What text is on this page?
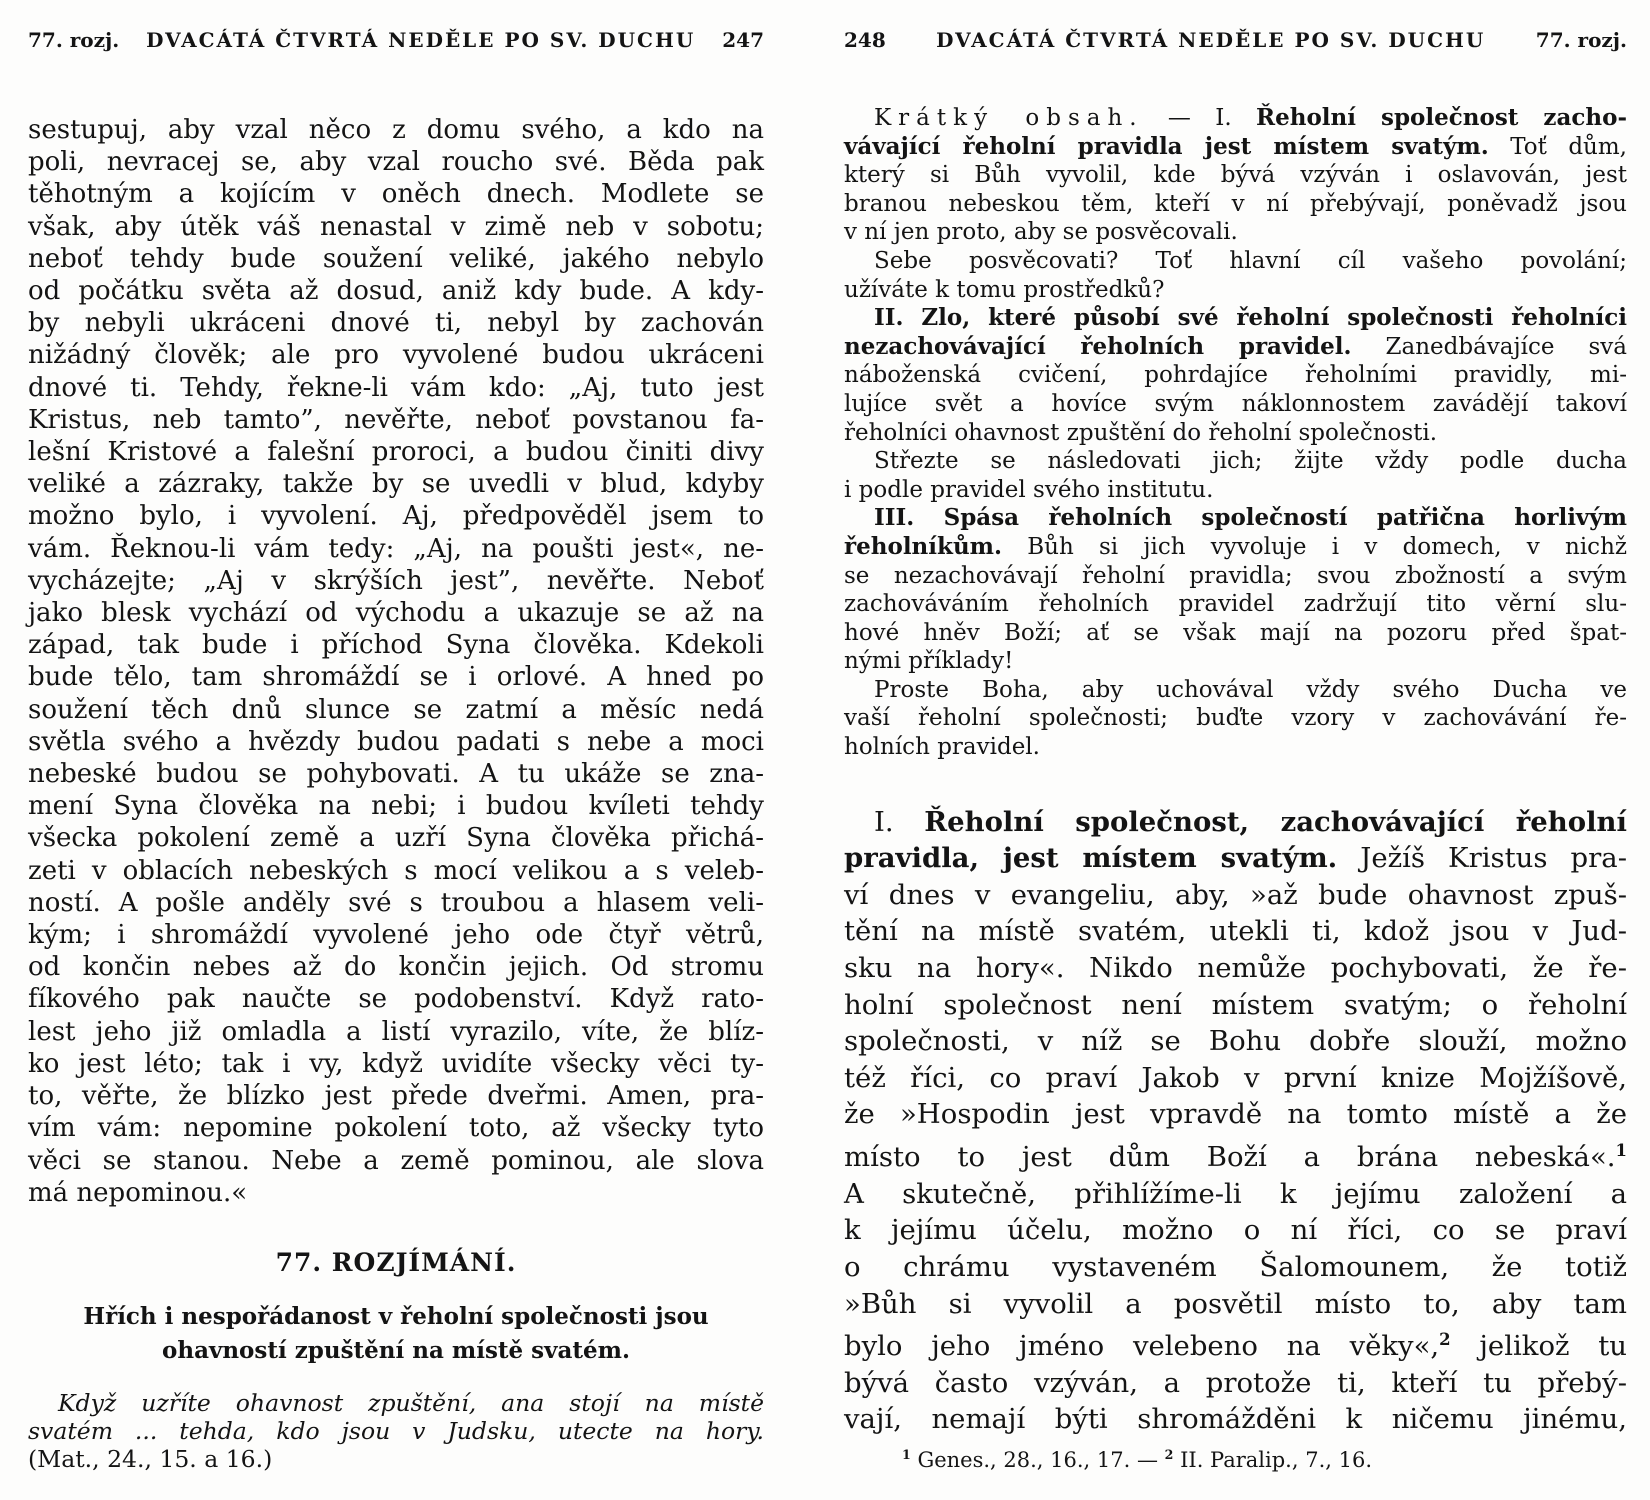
77. rozj.	DVACÁTÁ ČTVRTÁ NEDĚLE PO SV. DUCHU	247
sestupuj, aby vzal něco z domu svého, a kdo na
poli, nevracej se, aby vzal roucho své. Běda pak
těhotným a kojícím v oněch dnech. Modlete se
však, aby útěk váš nenastal v zimě neb v sobotu;
neboť tehdy bude soužení veliké, jakého nebylo
od počátku světa až dosud, aniž kdy bude. A kdy-
by nebyli ukráceni dnové ti, nebyl by zachován
nižádný člověk; ale pro vyvolené budou ukráceni
dnové ti. Tehdy, řekne-li vám kdo: „Aj, tuto jest
Kristus, neb tamto”, nevěřte, neboť povstanou fa-
lešní Kristové a falešní proroci, a budou činiti divy
veliké a zázraky, takže by se uvedli v blud, kdyby
možno bylo, i vyvolení. Aj, předpověděl jsem to
vám. Řeknou-li vám tedy: „Aj, na poušti jest«, ne-
vycházejte; „Aj v skrýších jest”, nevěřte. Neboť
jako blesk vychází od východu a ukazuje se až na
západ, tak bude i příchod Syna člověka. Kdekoli
bude tělo, tam shromáždí se i orlové. A hned po
soužení těch dnů slunce se zatmí a měsíc nedá
světla svého a hvězdy budou padati s nebe a moci
nebeské budou se pohybovati. A tu ukáže se zna-
mení Syna člověka na nebi; i budou kvíleti tehdy
všecka pokolení země a uzří Syna člověka přichá-
zeti v oblacích nebeských s mocí velikou a s veleb-
ností. A pošle anděly své s troubou a hlasem veli-
kým; i shromáždí vyvolené jeho ode čtyř větrů,
od končin nebes až do končin jejich. Od stromu
fíkového pak naučte se podobenství. Když rato-
lest jeho již omladla a listí vyrazilo, víte, že blíz-
ko jest léto; tak i vy, když uvidíte všecky věci ty-
to, věřte, že blízko jest přede dveřmi. Amen, pra-
vím vám: nepomine pokolení toto, až všecky tyto
věci se stanou. Nebe a země pominou, ale slova
má nepominou.«
77. ROZJÍMÁNÍ.
Hřích i nespořádanost v řeholní společnosti jsou
ohavností zpuštění na místě svatém.
Když uzříte ohavnost zpuštění, ana stojí na místě
svatém ... tehda, kdo jsou v Judsku, utecte na hory.
(Mat., 24., 15. a 16.)
248	DVACÁTÁ ČTVRTÁ NEDĚLE PO SV. DUCHU	77. rozj.
Krátký obsah. — I. Řeholní společnost zacho-
vávající řeholní pravidla jest místem svatým. Toť dům,
který si Bůh vyvolil, kde bývá vzýván i oslavován, jest
branou nebeskou těm, kteří v ní přebývají, poněvadž jsou
v ní jen proto, aby se posvěcovali.
Sebe posvěcovati? Toť hlavní cíl vašeho povolání;
užíváte k tomu prostředků?
II. Zlo, které působí své řeholní společnosti řeholníci
nezachovávající řeholních pravidel. Zanedbávajíce svá
náboženská cvičení, pohrdajíce řeholními pravidly, mi-
lujíce svět a hovíce svým náklonnostem zavádějí takoví
řeholníci ohavnost zpuštění do řeholní společnosti.
Střezte se následovati jich; žijte vždy podle ducha
i podle pravidel svého institutu.
III. Spása řeholních společností patřična horlivým
řeholníkům. Bůh si jich vyvoluje i v domech, v nichž
se nezachovávají řeholní pravidla; svou zbožností a svým
zachováváním řeholních pravidel zadržují tito věrní slu-
hové hněv Boží; ať se však mají na pozoru před špat-
nými příklady!
Proste Boha, aby uchovával vždy svého Ducha ve
vaší řeholní společnosti; buďte vzory v zachovávání ře-
holních pravidel.
I. Řeholní společnost, zachovávající řeholní
pravidla, jest místem svatým. Ježíš Kristus pra-
ví dnes v evangeliu, aby, »až bude ohavnost zpuš-
tění na místě svatém, utekli ti, kdož jsou v Jud-
sku na hory«. Nikdo nemůže pochybovati, že ře-
holní společnost není místem svatým; o řeholní
společnosti, v níž se Bohu dobře slouží, možno
též říci, co praví Jakob v první knize Mojžíšově,
že »Hospodin jest vpravdě na tomto místě a že
místo to jest dům Boží a brána nebeská«.$^1$
A skutečně, přihlížíme-li k jejímu založení a
k jejímu účelu, možno o ní říci, co se praví
o chrámu vystaveném Šalomounem, že totiž
»Bůh si vyvolil a posvětil místo to, aby tam
bylo jeho jméno velebeno na věky«,$^2$ jelikož tu
bývá často vzýván, a protože ti, kteří tu přebý-
vají, nemají býti shromážděni k ničemu jinému,
$^1$ Genes., 28., 16., 17. — $^2$ II. Paralip., 7., 16.
